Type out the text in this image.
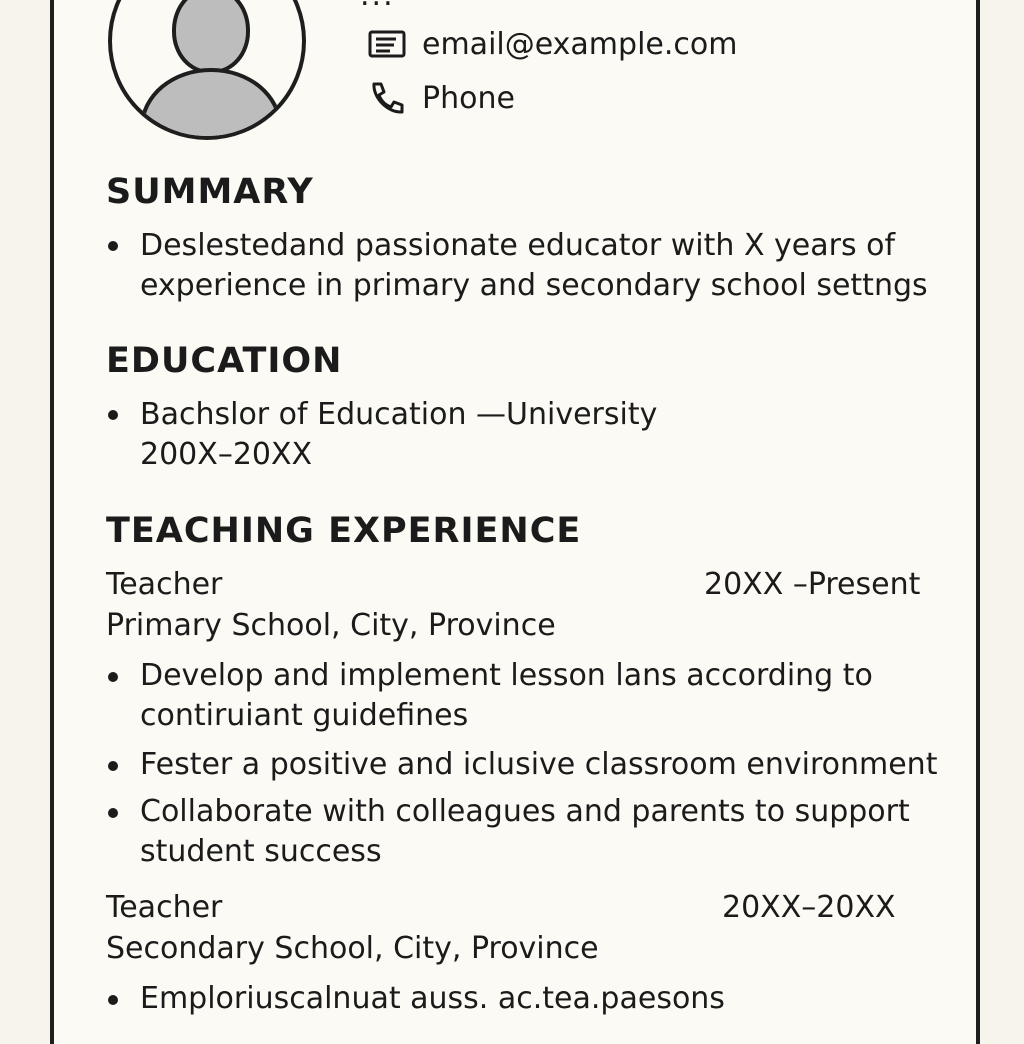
email@example.com
Phone
SUMMARY
Deslestedand passionate educator with X years of
experience in primary and secondary school settngs
EDUCATION
Bachslor of Education —University
200X–20XX
TEACHING EXPERIENCE
Teacher	20XX –Present
Primary School, City, Province
Develop and implement lesson lans according to
contiruiant guidefines
Fester a positive and iclusive classroom environment
Collaborate with colleagues and parents to support
student success
Teacher	20XX–20XX
Secondary School, City, Province
Emploriuscalnuat auss. ac.tea.paesons
